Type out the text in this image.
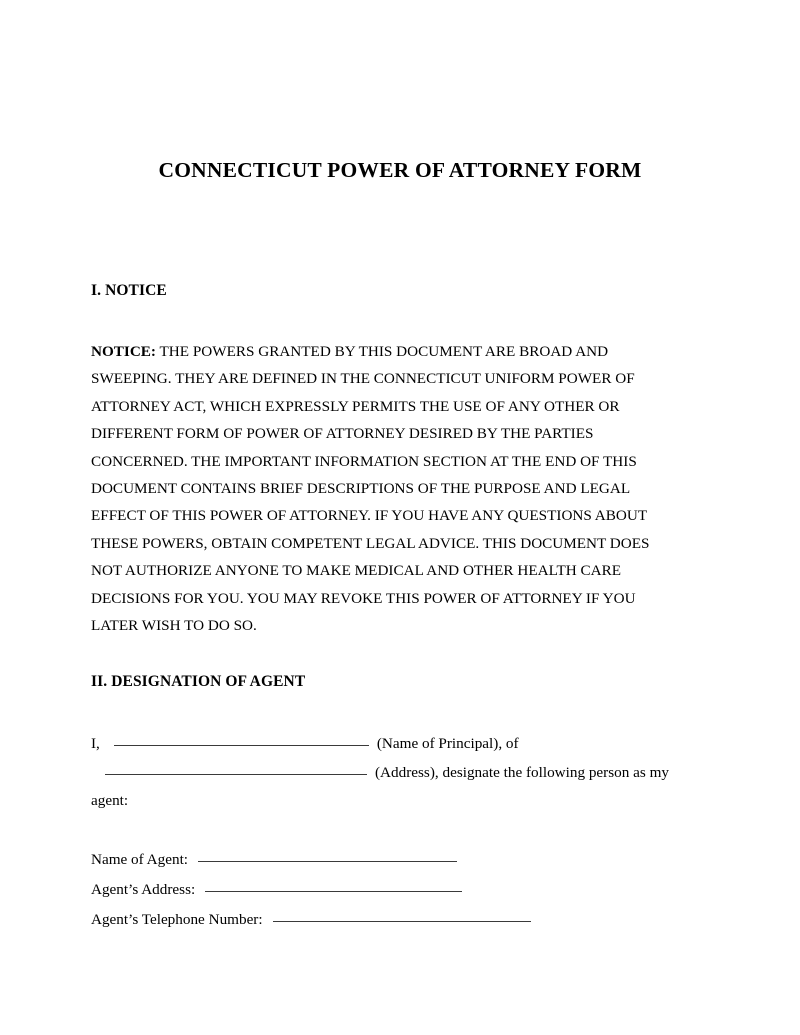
CONNECTICUT POWER OF ATTORNEY FORM
I. NOTICE
NOTICE: THE POWERS GRANTED BY THIS DOCUMENT ARE BROAD AND SWEEPING. THEY ARE DEFINED IN THE CONNECTICUT UNIFORM POWER OF ATTORNEY ACT, WHICH EXPRESSLY PERMITS THE USE OF ANY OTHER OR DIFFERENT FORM OF POWER OF ATTORNEY DESIRED BY THE PARTIES CONCERNED. THE IMPORTANT INFORMATION SECTION AT THE END OF THIS DOCUMENT CONTAINS BRIEF DESCRIPTIONS OF THE PURPOSE AND LEGAL EFFECT OF THIS POWER OF ATTORNEY. IF YOU HAVE ANY QUESTIONS ABOUT THESE POWERS, OBTAIN COMPETENT LEGAL ADVICE. THIS DOCUMENT DOES NOT AUTHORIZE ANYONE TO MAKE MEDICAL AND OTHER HEALTH CARE DECISIONS FOR YOU. YOU MAY REVOKE THIS POWER OF ATTORNEY IF YOU LATER WISH TO DO SO.
II. DESIGNATION OF AGENT
I,	(Name of Principal), of
(Address), designate the following person as my
agent:
Name of Agent:
Agent’s Address:
Agent’s Telephone Number:
